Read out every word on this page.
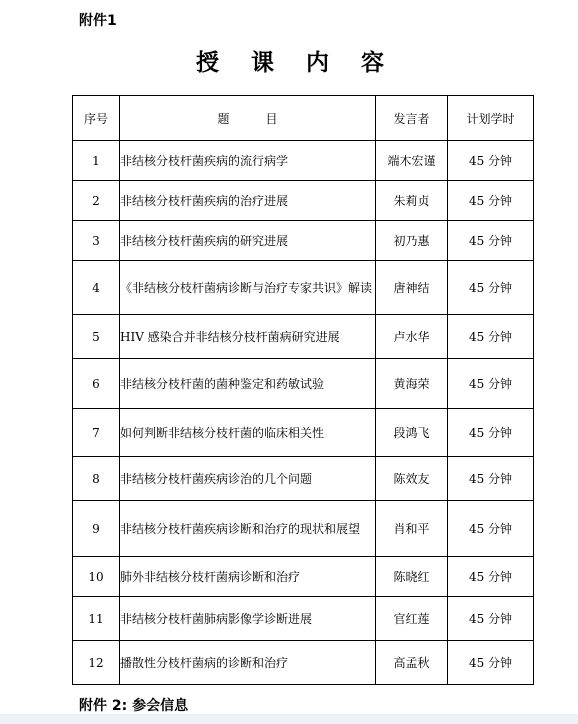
附件1
授 课 内 容
序号	题　　　目	发言者	计划学时
1	非结核分枝杆菌疾病的流行病学	端木宏谨	45 分钟
2	非结核分枝杆菌疾病的治疗进展	朱莉贞	45 分钟
3	非结核分枝杆菌疾病的研究进展	初乃惠	45 分钟
4	《非结核分枝杆菌病诊断与治疗专家共识》解读	唐神结	45 分钟
5	HIV 感染合并非结核分枝杆菌病研究进展	卢水华	45 分钟
6	非结核分枝杆菌的菌种鉴定和药敏试验	黄海荣	45 分钟
7	如何判断非结核分枝杆菌的临床相关性	段鸿飞	45 分钟
8	非结核分枝杆菌疾病诊治的几个问题	陈效友	45 分钟
9	非结核分枝杆菌疾病诊断和治疗的现状和展望	肖和平	45 分钟
10	肺外非结核分枝杆菌病诊断和治疗	陈晓红	45 分钟
11	非结核分枝杆菌肺病影像学诊断进展	官红莲	45 分钟
12	播散性分枝杆菌病的诊断和治疗	高孟秋	45 分钟
附件 2: 参会信息
